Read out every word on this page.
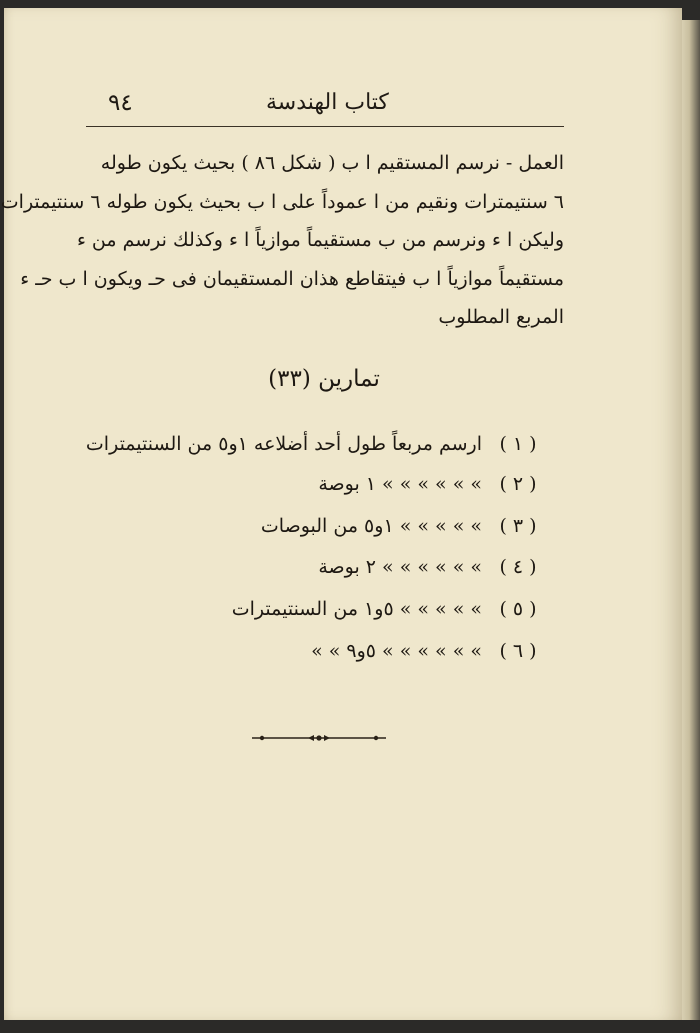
٩٤	كتاب الهندسة
العمل - نرسم المستقيم ا ب ( شكل ٨٦ ) بحيث يكون طوله
٦ سنتيمترات ونقيم من ا عموداً على ا ب بحيث يكون طوله ٦ سنتيمترات
وليكن ا ء ونرسم من ب مستقيماً موازياً ا ء وكذلك نرسم من ء
مستقيماً موازياً ا ب فيتقاطع هذان المستقيمان فى حـ ويكون ا ب حـ ء
المربع المطلوب
تمارين (٣٣)
( ١ )
ارسم مربعاً طول أحد أضلاعه ١و٥ من السنتيمترات
( ٢ )
» » » » » » ١ بوصة
( ٣ )
» » » » » ١و٥ من البوصات
( ٤ )
» » » » » » ٢ بوصة
( ٥ )
» » » » » ٥و١ من السنتيمترات
( ٦ )
» » » » » » ٥و٩ » »
